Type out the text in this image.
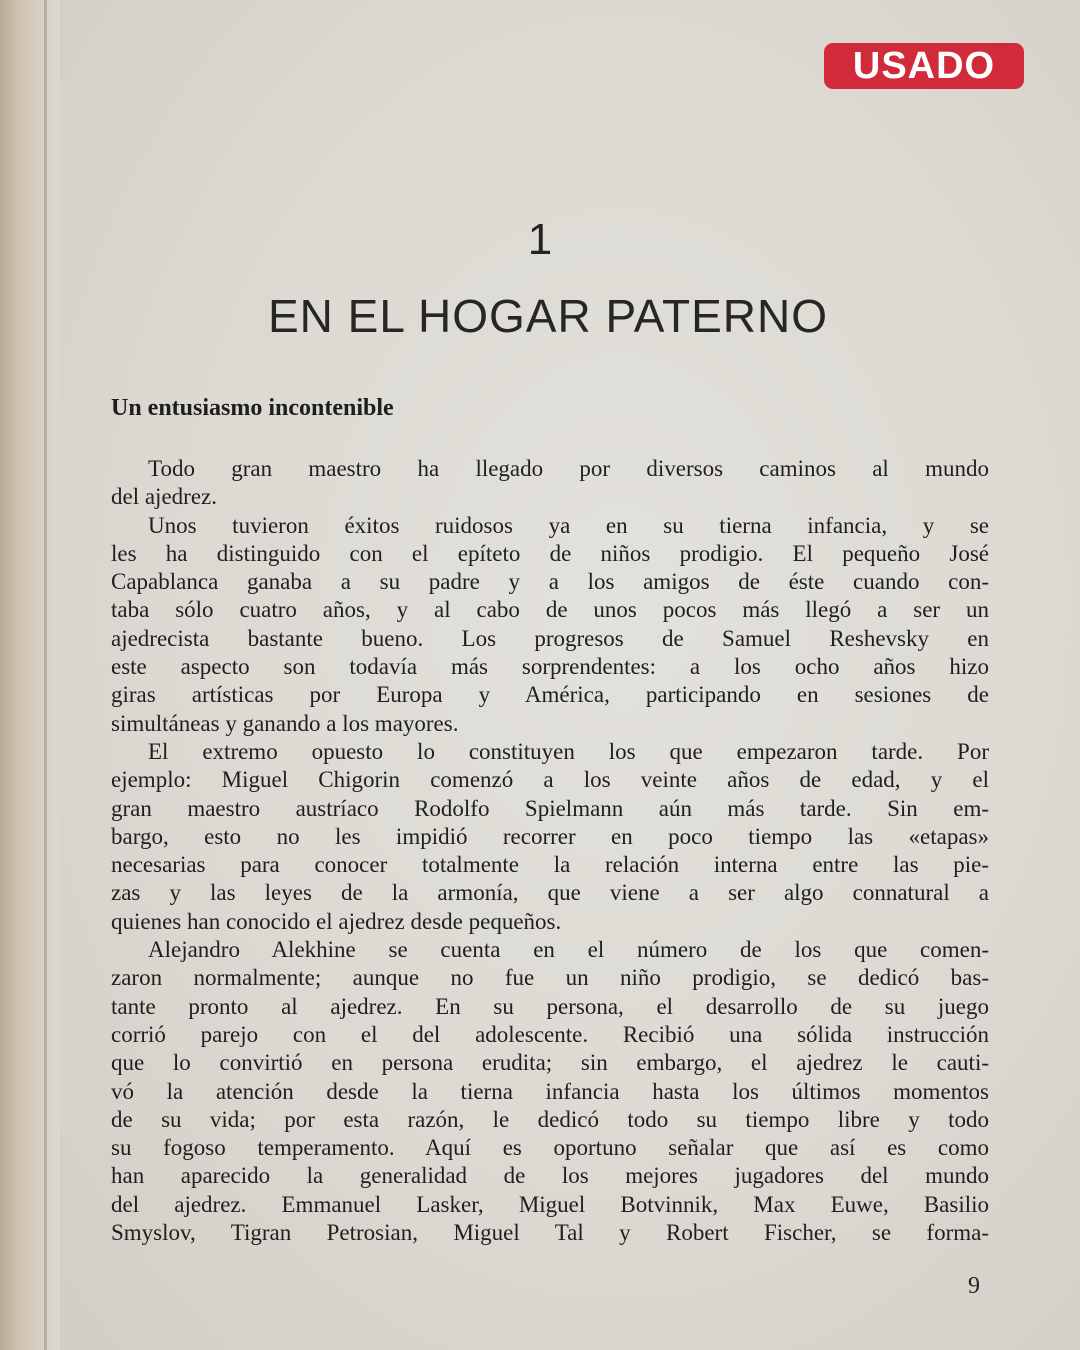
USADO
1
EN EL HOGAR PATERNO
Un entusiasmo incontenible
Todo gran maestro ha llegado por diversos caminos al mundo
del ajedrez.
Unos tuvieron éxitos ruidosos ya en su tierna infancia, y se
les ha distinguido con el epíteto de niños prodigio. El pequeño José
Capablanca ganaba a su padre y a los amigos de éste cuando con-
taba sólo cuatro años, y al cabo de unos pocos más llegó a ser un
ajedrecista bastante bueno. Los progresos de Samuel Reshevsky en
este aspecto son todavía más sorprendentes: a los ocho años hizo
giras artísticas por Europa y América, participando en sesiones de
simultáneas y ganando a los mayores.
El extremo opuesto lo constituyen los que empezaron tarde. Por
ejemplo: Miguel Chigorin comenzó a los veinte años de edad, y el
gran maestro austríaco Rodolfo Spielmann aún más tarde. Sin em-
bargo, esto no les impidió recorrer en poco tiempo las «etapas»
necesarias para conocer totalmente la relación interna entre las pie-
zas y las leyes de la armonía, que viene a ser algo connatural a
quienes han conocido el ajedrez desde pequeños.
Alejandro Alekhine se cuenta en el número de los que comen-
zaron normalmente; aunque no fue un niño prodigio, se dedicó bas-
tante pronto al ajedrez. En su persona, el desarrollo de su juego
corrió parejo con el del adolescente. Recibió una sólida instrucción
que lo convirtió en persona erudita; sin embargo, el ajedrez le cauti-
vó la atención desde la tierna infancia hasta los últimos momentos
de su vida; por esta razón, le dedicó todo su tiempo libre y todo
su fogoso temperamento. Aquí es oportuno señalar que así es como
han aparecido la generalidad de los mejores jugadores del mundo
del ajedrez. Emmanuel Lasker, Miguel Botvinnik, Max Euwe, Basilio
Smyslov, Tigran Petrosian, Miguel Tal y Robert Fischer, se forma-
9
